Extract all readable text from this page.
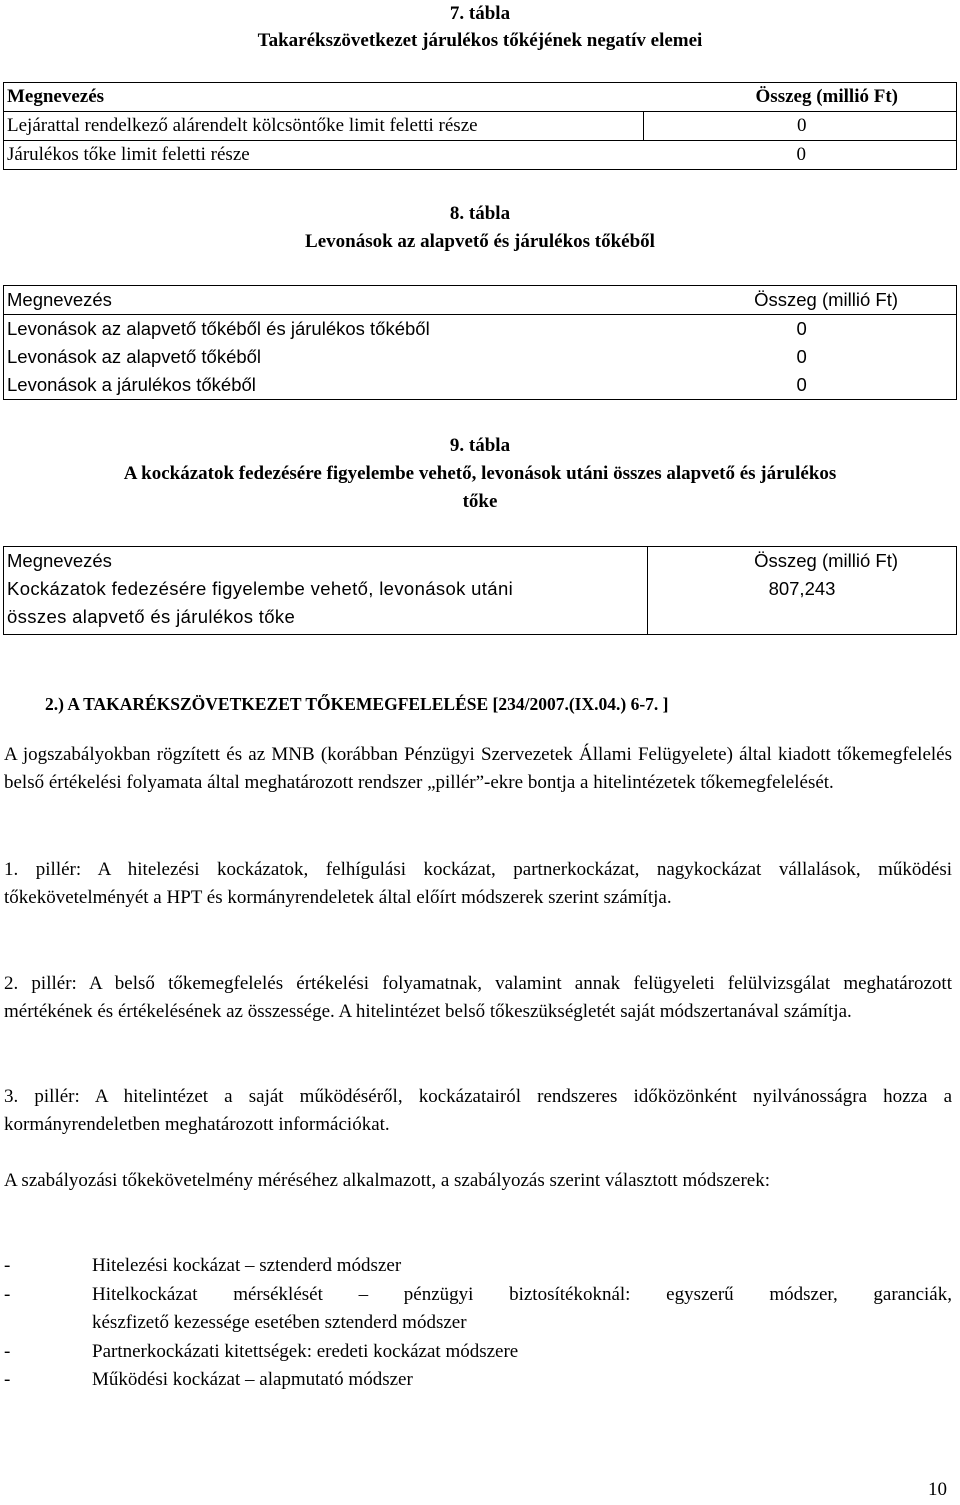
7. tábla
Takarékszövetkezet járulékos tőkéjének negatív elemei
Megnevezés Összeg (millió Ft)	

Lejárattal rendelkező alárendelt kölcsöntőke limit feletti része	0
Járulékos tőke limit feletti része	0
8. tábla
Levonások az alapvető és járulékos tőkéből
Megnevezés Összeg (millió Ft)	

Levonások az alapvető tőkéből és járulékos tőkéből	0
Levonások az alapvető tőkéből	0
Levonások a járulékos tőkéből	0
9. tábla
A kockázatok fedezésére figyelembe vehető, levonások utáni összes alapvető és járulékos
tőke
Megnevezés	Összeg (millió Ft)

Kockázatok fedezésére figyelembe vehető, levonások utáni
összes alapvető és járulékos tőke	807,243
2.) A TAKARÉKSZÖVETKEZET TŐKEMEGFELELÉSE [234/2007.(IX.04.) 6-7. ]
A jogszabályokban rögzített és az MNB (korábban Pénzügyi Szervezetek Állami Felügyelete) által kiadott tőkemegfelelés belső értékelési folyamata által meghatározott rendszer „pillér”-ekre bontja a hitelintézetek tőkemegfelelését.
1. pillér: A hitelezési kockázatok, felhígulási kockázat, partnerkockázat, nagykockázat vállalások, működési tőkekövetelményét a HPT és kormányrendeletek által előírt módszerek szerint számítja.
2. pillér: A belső tőkemegfelelés értékelési folyamatnak, valamint annak felügyeleti felülvizsgálat meghatározott mértékének és értékelésének az összessége. A hitelintézet belső tőkeszükségletét saját módszertanával számítja.
3. pillér: A hitelintézet a saját működéséről, kockázatairól rendszeres időközönként nyilvánosságra hozza a kormányrendeletben meghatározott információkat.
A szabályozási tőkekövetelmény méréséhez alkalmazott, a szabályozás szerint választott módszerek:
-	Hitelezési kockázat – sztenderd módszer
-	Hitelkockázat mérséklését – pénzügyi biztosítékoknál: egyszerű módszer, garanciák,
készfizető kezessége esetében sztenderd módszer
-	Partnerkockázati kitettségek: eredeti kockázat módszere
-	Működési kockázat – alapmutató módszer
10
